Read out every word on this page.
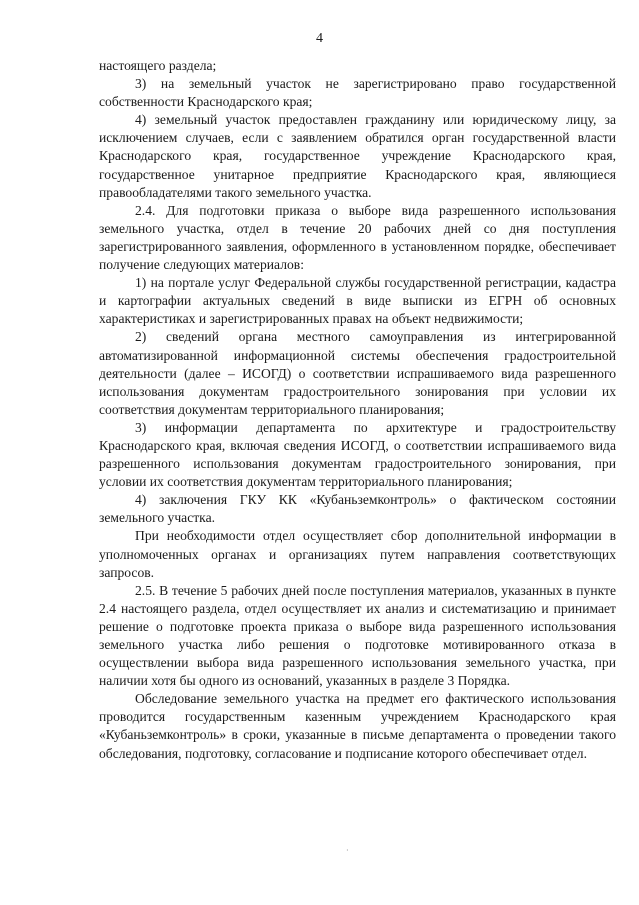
4

настоящего раздела;

3) на земельный участок не зарегистрировано право государственной собственности Краснодарского края;

4) земельный участок предоставлен гражданину или юридическому лицу, за исключением случаев, если с заявлением обратился орган государственной власти Краснодарского края, государственное учреждение Краснодарского края, государственное унитарное предприятие Краснодарского края, являющиеся правообладателями такого земельного участка.

2.4. Для подготовки приказа о выборе вида разрешенного использования земельного участка, отдел в течение 20 рабочих дней со дня поступления зарегистрированного заявления, оформленного в установленном порядке, обеспечивает получение следующих материалов:

1) на портале услуг Федеральной службы государственной регистрации, кадастра и картографии актуальных сведений в виде выписки из ЕГРН об основных характеристиках и зарегистрированных правах на объект недвижимости;

2) сведений органа местного самоуправления из интегрированной автоматизированной информационной системы обеспечения градостроительной деятельности (далее – ИСОГД) о соответствии испрашиваемого вида разрешенного использования документам градостроительного зонирования при условии их соответствия документам территориального планирования;

3) информации департамента по архитектуре и градостроительству Краснодарского края, включая сведения ИСОГД, о соответствии испрашиваемого вида разрешенного использования документам градостроительного зонирования, при условии их соответствия документам территориального планирования;

4) заключения ГКУ КК «Кубаньземконтроль» о фактическом состоянии земельного участка.

При необходимости отдел осуществляет сбор дополнительной информации в уполномоченных органах и организациях путем направления соответствующих запросов.

2.5. В течение 5 рабочих дней после поступления материалов, указанных в пункте 2.4 настоящего раздела, отдел осуществляет их анализ и систематизацию и принимает решение о подготовке проекта приказа о выборе вида разрешенного использования земельного участка либо решения о подготовке мотивированного отказа в осуществлении выбора вида разрешенного использования земельного участка, при наличии хотя бы одного из оснований, указанных в разделе 3 Порядка.

Обследование земельного участка на предмет его фактического использования проводится государственным казенным учреждением Краснодарского края «Кубаньземконтроль» в сроки, указанные в письме департамента о проведении такого обследования, подготовку, согласование и подписание которого обеспечивает отдел.

·
